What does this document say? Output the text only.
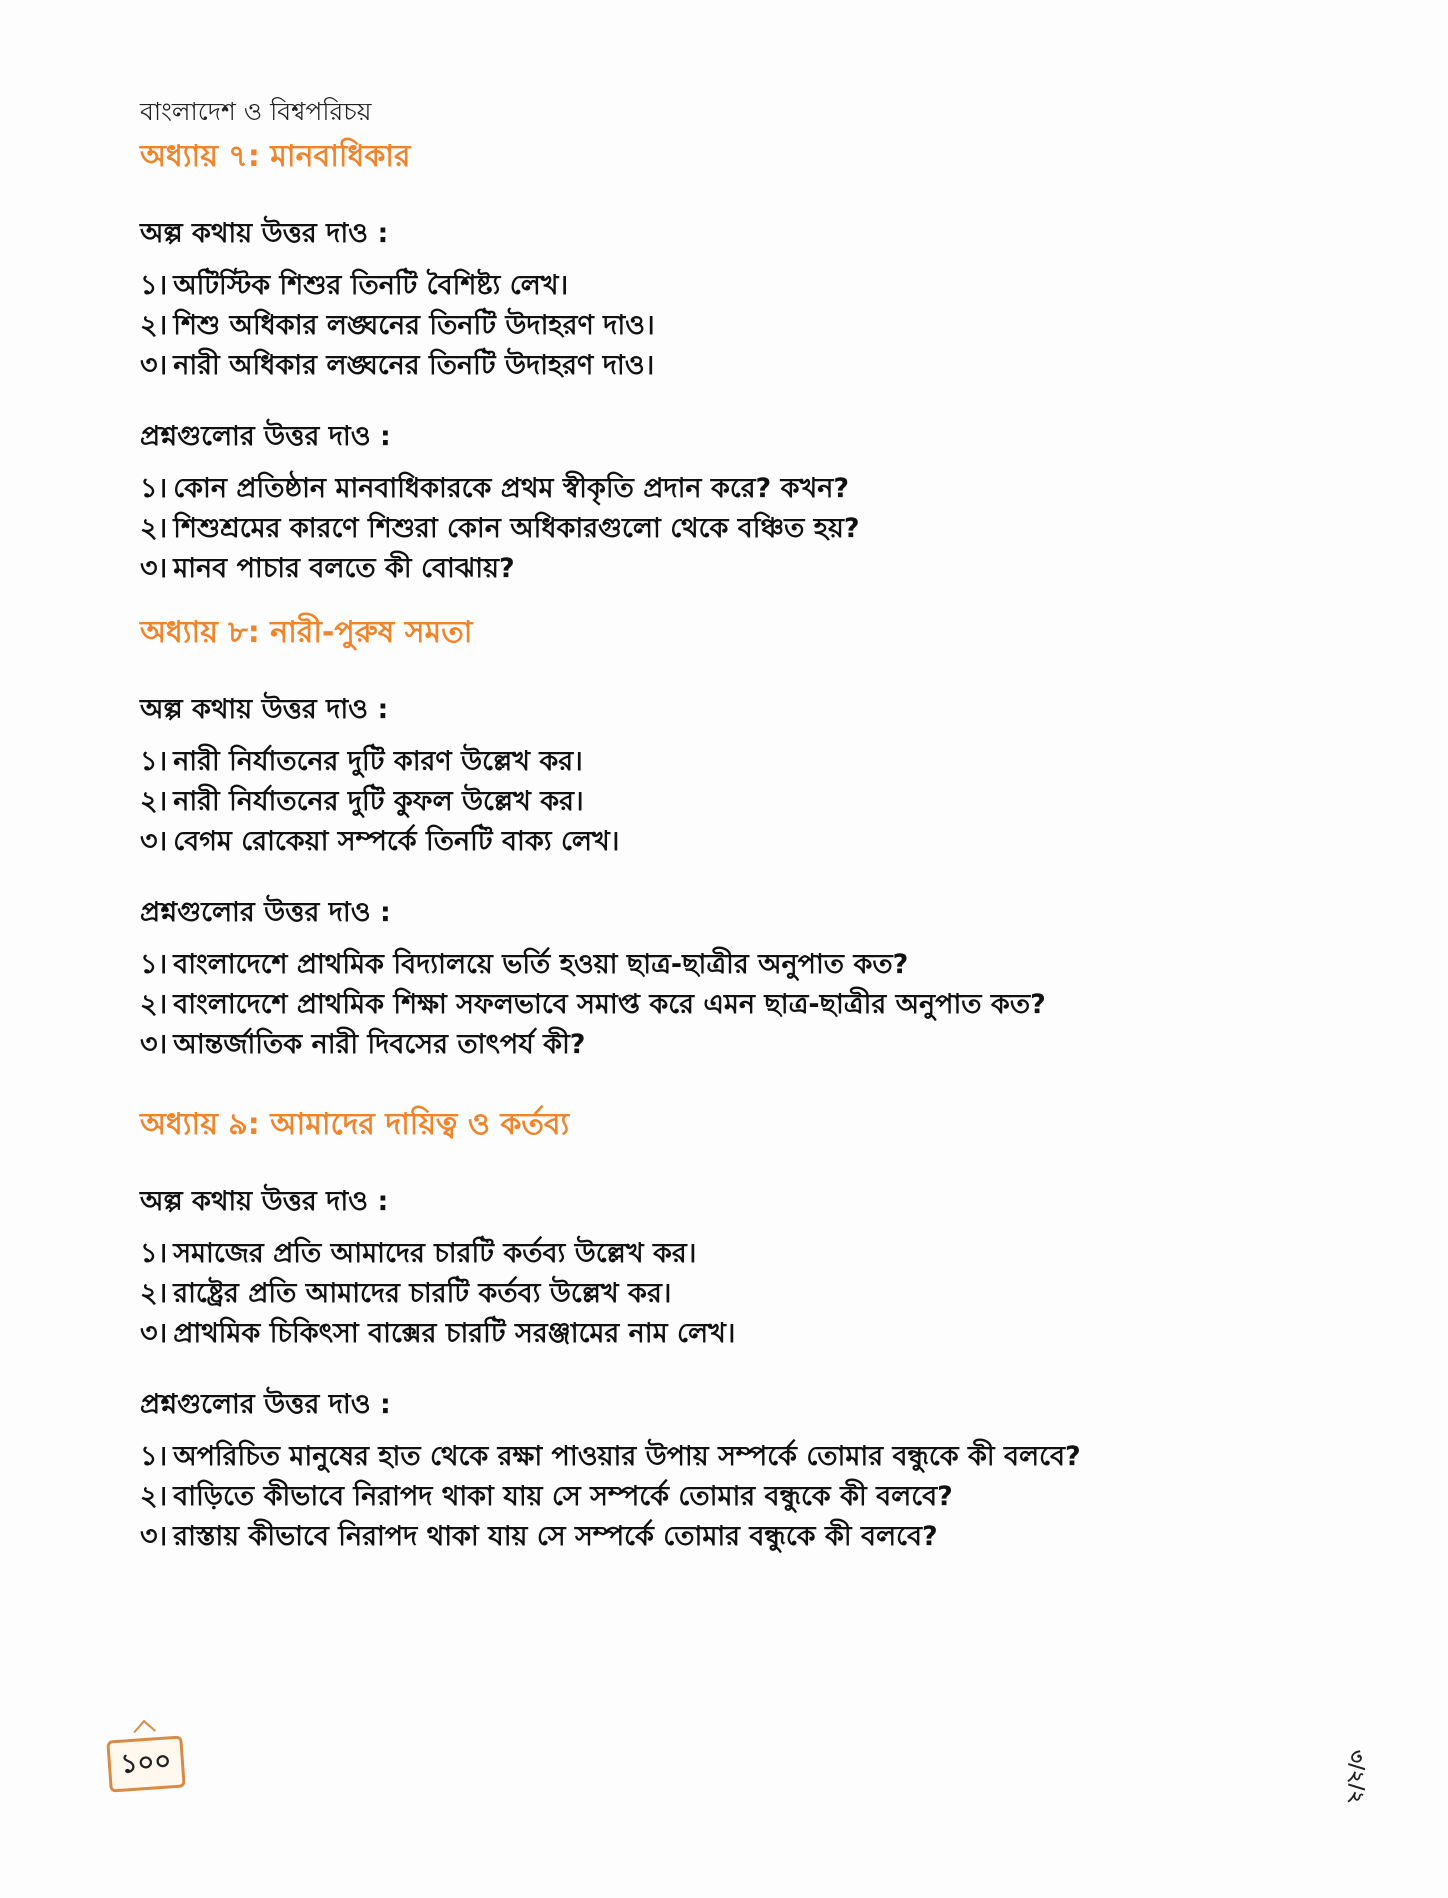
বাংলাদেশ ও বিশ্বপরিচয়
অধ্যায় ৭: মানবাধিকার
অল্প কথায় উত্তর দাও :
১। অটিস্টিক শিশুর তিনটি বৈশিষ্ট্য লেখ।
২। শিশু অধিকার লঙ্ঘনের তিনটি উদাহরণ দাও।
৩। নারী অধিকার লঙ্ঘনের তিনটি উদাহরণ দাও।
প্রশ্নগুলোর উত্তর দাও :
১। কোন প্রতিষ্ঠান মানবাধিকারকে প্রথম স্বীকৃতি প্রদান করে? কখন?
২। শিশুশ্রমের কারণে শিশুরা কোন অধিকারগুলো থেকে বঞ্চিত হয়?
৩। মানব পাচার বলতে কী বোঝায়?
অধ্যায় ৮: নারী-পুরুষ সমতা
অল্প কথায় উত্তর দাও :
১। নারী নির্যাতনের দুটি কারণ উল্লেখ কর।
২। নারী নির্যাতনের দুটি কুফল উল্লেখ কর।
৩। বেগম রোকেয়া সম্পর্কে তিনটি বাক্য লেখ।
প্রশ্নগুলোর উত্তর দাও :
১। বাংলাদেশে প্রাথমিক বিদ্যালয়ে ভর্তি হওয়া ছাত্র-ছাত্রীর অনুপাত কত?
২। বাংলাদেশে প্রাথমিক শিক্ষা সফলভাবে সমাপ্ত করে এমন ছাত্র-ছাত্রীর অনুপাত কত?
৩। আন্তর্জাতিক নারী দিবসের তাৎপর্য কী?
অধ্যায় ৯: আমাদের দায়িত্ব ও কর্তব্য
অল্প কথায় উত্তর দাও :
১। সমাজের প্রতি আমাদের চারটি কর্তব্য উল্লেখ কর।
২। রাষ্ট্রের প্রতি আমাদের চারটি কর্তব্য উল্লেখ কর।
৩। প্রাথমিক চিকিৎসা বাক্সের চারটি সরঞ্জামের নাম লেখ।
প্রশ্নগুলোর উত্তর দাও :
১। অপরিচিত মানুষের হাত থেকে রক্ষা পাওয়ার উপায় সম্পর্কে তোমার বন্ধুকে কী বলবে?
২। বাড়িতে কীভাবে নিরাপদ থাকা যায় সে সম্পর্কে তোমার বন্ধুকে কী বলবে?
৩। রাস্তায় কীভাবে নিরাপদ থাকা যায় সে সম্পর্কে তোমার বন্ধুকে কী বলবে?
১০০	৩/২/২
